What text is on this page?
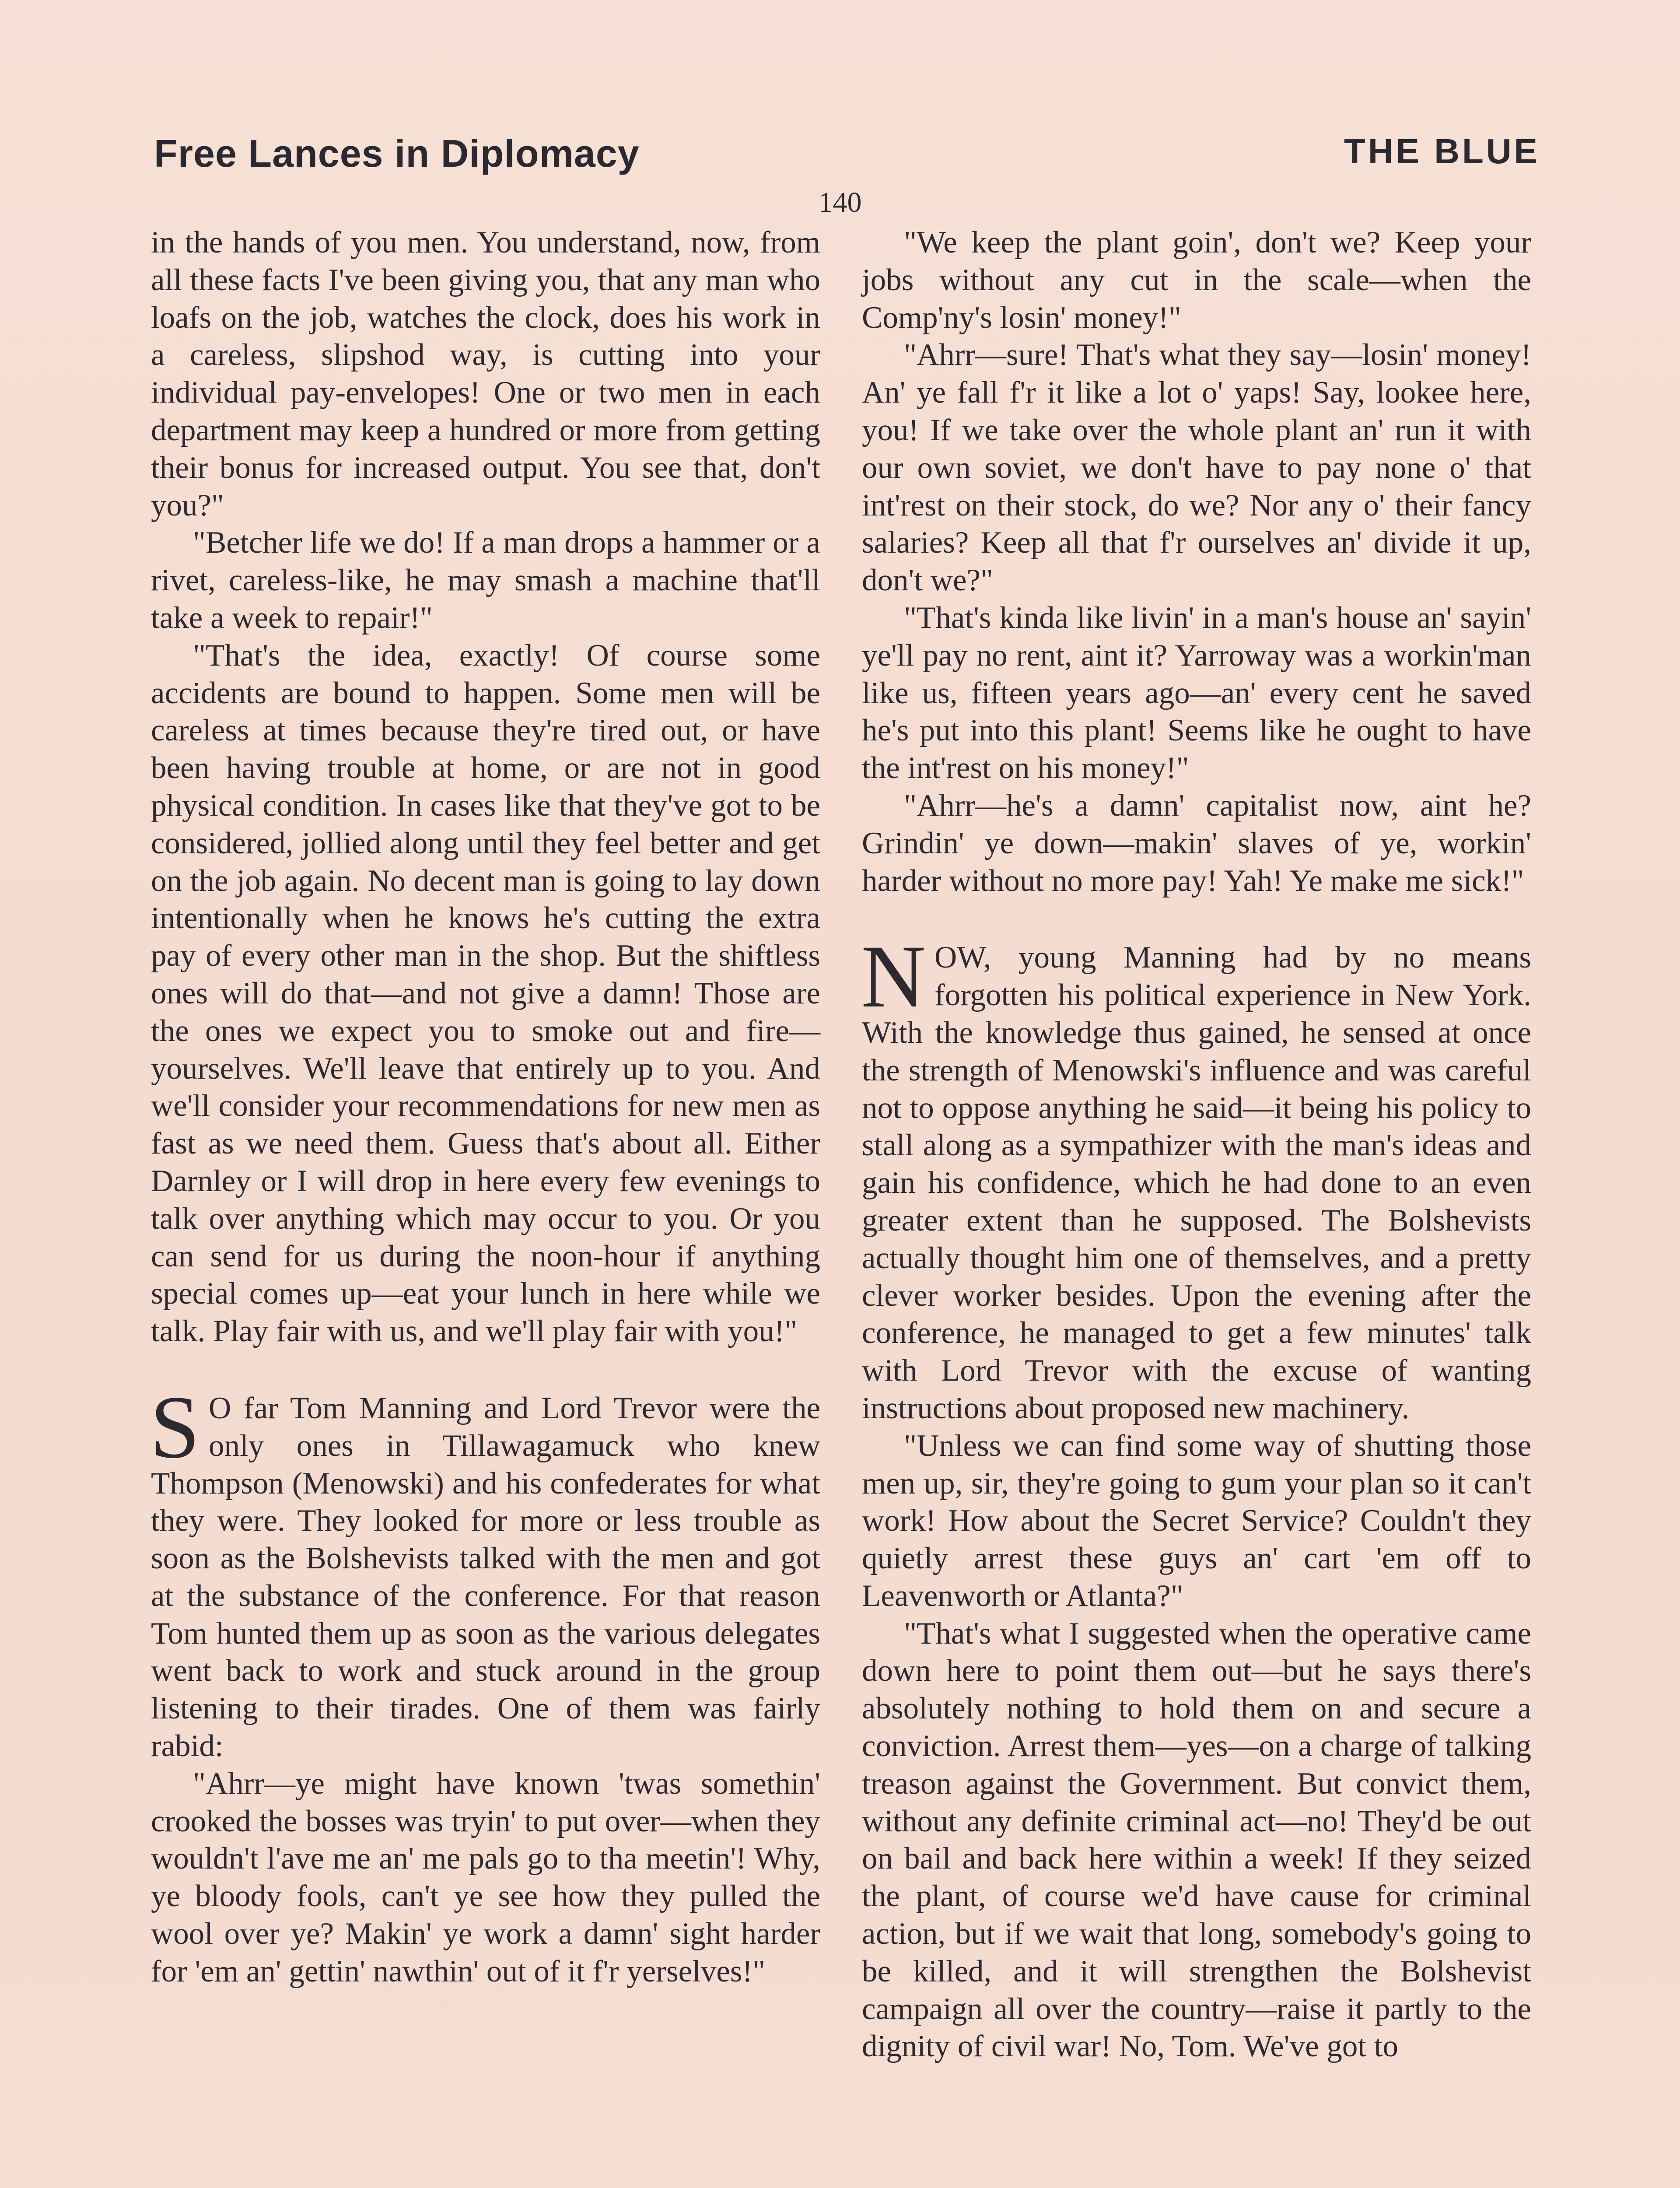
Free Lances in Diplomacy	THE BLUE
140

in the hands of you men. You understand, now, from all these facts I've been giving you, that any man who loafs on the job, watches the clock, does his work in a careless, slipshod way, is cutting into your individual pay-envelopes! One or two men in each department may keep a hundred or more from getting their bonus for increased output. You see that, don't you?"

"Betcher life we do! If a man drops a hammer or a rivet, careless-like, he may smash a machine that'll take a week to repair!"

"That's the idea, exactly! Of course some accidents are bound to happen. Some men will be careless at times because they're tired out, or have been having trouble at home, or are not in good physical condition. In cases like that they've got to be considered, jollied along until they feel better and get on the job again. No decent man is going to lay down intentionally when he knows he's cutting the extra pay of every other man in the shop. But the shiftless ones will do that—and not give a damn! Those are the ones we expect you to smoke out and fire—yourselves. We'll leave that entirely up to you. And we'll consider your recommendations for new men as fast as we need them. Guess that's about all. Either Darnley or I will drop in here every few evenings to talk over anything which may occur to you. Or you can send for us during the noon-hour if anything special comes up—eat your lunch in here while we talk. Play fair with us, and we'll play fair with you!"

S O far Tom Manning and Lord Trevor were the only ones in Tillawagamuck who knew Thompson (Menowski) and his confederates for what they were. They looked for more or less trouble as soon as the Bolshevists talked with the men and got at the substance of the conference. For that reason Tom hunted them up as soon as the various delegates went back to work and stuck around in the group listening to their tirades. One of them was fairly rabid:

"Ahrr—ye might have known 'twas somethin' crooked the bosses was tryin' to put over—when they wouldn't l'ave me an' me pals go to tha meetin'! Why, ye bloody fools, can't ye see how they pulled the wool over ye? Makin' ye work a damn' sight harder for 'em an' gettin' nawthin' out of it f'r yerselves!"

"We keep the plant goin', don't we? Keep your jobs without any cut in the scale—when the Comp'ny's losin' money!"

"Ahrr—sure! That's what they say—losin' money! An' ye fall f'r it like a lot o' yaps! Say, lookee here, you! If we take over the whole plant an' run it with our own soviet, we don't have to pay none o' that int'rest on their stock, do we? Nor any o' their fancy salaries? Keep all that f'r ourselves an' divide it up, don't we?"

"That's kinda like livin' in a man's house an' sayin' ye'll pay no rent, aint it? Yarroway was a workin'man like us, fifteen years ago—an' every cent he saved he's put into this plant! Seems like he ought to have the int'rest on his money!"

"Ahrr—he's a damn' capitalist now, aint he? Grindin' ye down—makin' slaves of ye, workin' harder without no more pay! Yah! Ye make me sick!"

NOW, young Manning had by no means forgotten his political experience in New York. With the knowledge thus gained, he sensed at once the strength of Menowski's influence and was careful not to oppose anything he said—it being his policy to stall along as a sympathizer with the man's ideas and gain his confidence, which he had done to an even greater extent than he supposed. The Bolshevists actually thought him one of themselves, and a pretty clever worker besides. Upon the evening after the conference, he managed to get a few minutes' talk with Lord Trevor with the excuse of wanting instructions about proposed new machinery.

"Unless we can find some way of shutting those men up, sir, they're going to gum your plan so it can't work! How about the Secret Service? Couldn't they quietly arrest these guys an' cart 'em off to Leavenworth or Atlanta?"

"That's what I suggested when the operative came down here to point them out—but he says there's absolutely nothing to hold them on and secure a conviction. Arrest them—yes—on a charge of talking treason against the Government. But convict them, without any definite criminal act—no! They'd be out on bail and back here within a week! If they seized the plant, of course we'd have cause for criminal action, but if we wait that long, somebody's going to be killed, and it will strengthen the Bolshevist campaign all over the country—raise it partly to the dignity of civil war! No, Tom. We've got to
